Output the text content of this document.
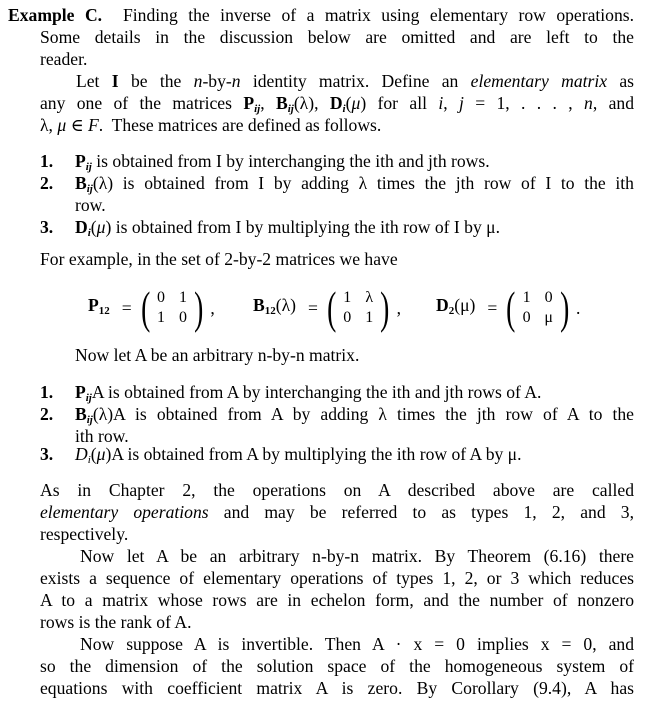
Example C. Finding the inverse of a matrix using elementary row operations.
Some details in the discussion below are omitted and are left to the
reader.
Let I be the n-by-n identity matrix. Define an elementary matrix as
any one of the matrices $P_{ij}$, $B_{ij}(\lambda)$, $D_i(\mu)$ for all i, j = 1, . . . , n, and
λ, μ ∈ F.  These matrices are defined as follows.
1. $P_{ij}$ is obtained from I by interchanging the ith and jth rows.
2. $B_{ij}(\lambda)$ is obtained from I by adding λ times the jth row of I to the ith
row.
3. $D_i(\mu)$ is obtained from I by multiplying the ith row of I by μ.
For example, in the set of 2-by-2 matrices we have
$P_{12}$ = ( 0 1
1 0 ) , $B_{12}(\lambda)$ = ( 1 λ
0 1 ) , $D_2(\mu)$ = ( 1 0
0 μ ) .
Now let A be an arbitrary n-by-n matrix.
1. $P_{ij}A$ is obtained from A by interchanging the ith and jth rows of A.
2. $B_{ij}(\lambda)A$ is obtained from A by adding λ times the jth row of A to the
ith row.
3. $D_i(\mu)A$ is obtained from A by multiplying the ith row of A by μ.
As in Chapter 2, the operations on A described above are called
elementary operations and may be referred to as types 1, 2, and 3,
respectively.
Now let A be an arbitrary n-by-n matrix. By Theorem (6.16) there
exists a sequence of elementary operations of types 1, 2, or 3 which reduces
A to a matrix whose rows are in echelon form, and the number of nonzero
rows is the rank of A.
Now suppose A is invertible. Then A · x = 0 implies x = 0, and
so the dimension of the solution space of the homogeneous system of
equations with coefficient matrix A is zero. By Corollary (9.4), A has
